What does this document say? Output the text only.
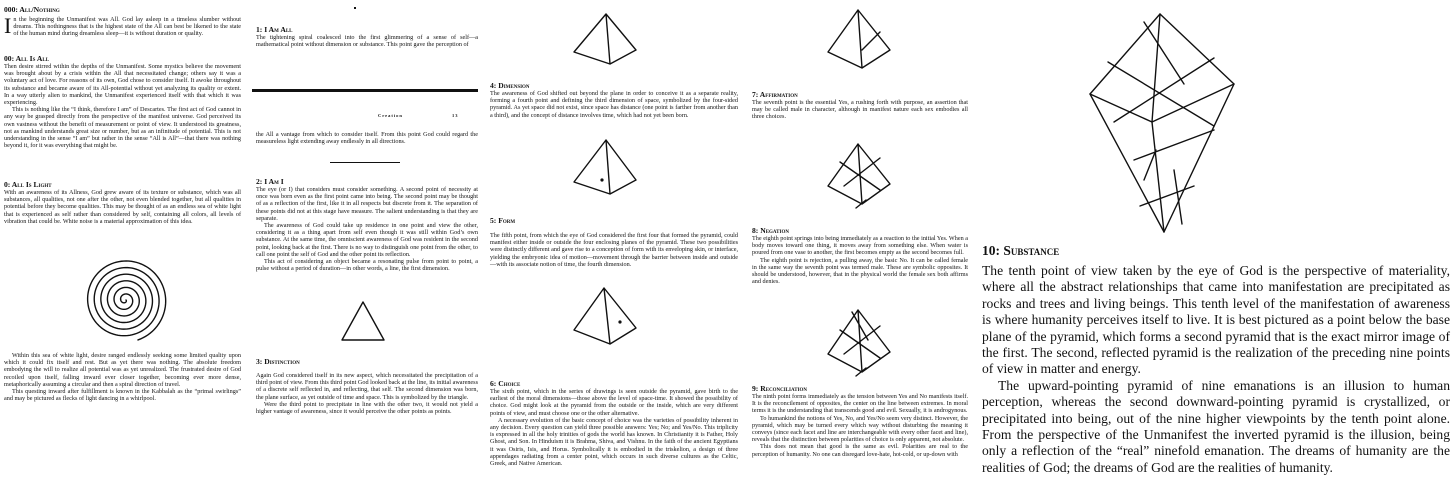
000: All/Nothing

In the beginning the Unmanifest was All. God lay asleep in a timeless slumber without dreams. This nothingness that is the highest state of the All can best be likened to the state of the human mind during dreamless sleep—it is without duration or quality.

00: All Is All

Then desire stirred within the depths of the Unmanifest. Some mystics believe the movement was brought about by a crisis within the All that necessitated change; others say it was a voluntary act of love. For reasons of its own, God chose to consider itself. It awoke throughout its substance and became aware of its All-potential without yet analyzing its quality or extent. In a way utterly alien to mankind, the Unmanifest experienced itself with that which it was experiencing.

This is nothing like the “I think, therefore I am” of Descartes. The first act of God cannot in any way be grasped directly from the perspective of the manifest universe. God perceived its own vastness without the benefit of measurement or point of view. It understood its greatness, not as mankind understands great size or number, but as an infinitude of potential. This is not understanding in the sense “I am” but rather in the sense “All is All”—that there was nothing beyond it, for it was everything that might be.

0: All Is Light

With an awareness of its Allness, God grew aware of its texture or substance, which was all substances, all qualities, not one after the other, not even blended together, but all qualities in potential before they become qualities. This may be thought of as an endless sea of white light that is experienced as self rather than considered by self, containing all colors, all levels of vibration that could be. White noise is a material approximation of this idea.

Within this sea of white light, desire ranged endlessly seeking some limited quality upon which it could fix itself and rest. But as yet there was nothing. The absolute freedom embodying the will to realize all potential was as yet unrealized. The frustrated desire of God recoiled upon itself, falling inward ever closer together, becoming ever more dense, metaphorically assuming a circular and then a spiral direction of travel.

This questing inward after fulfillment is known in the Kabbalah as the “primal swirlings” and may be pictured as flecks of light dancing in a whirlpool.

1: I Am All

The tightening spiral coalesced into the first glimmering of a sense of self—a mathematical point without dimension or substance. This point gave the perception of

Creation	13

the All a vantage from which to consider itself. From this point God could regard the measureless light extending away endlessly in all directions.

2: I Am I

The eye (or I) that considers must consider something. A second point of necessity at once was born even as the first point came into being. The second point may be thought of as a reflection of the first, like it in all respects but discrete from it. The separation of these points did not at this stage have measure. The salient understanding is that they are separate.

The awareness of God could take up residence in one point and view the other, considering it as a thing apart from self even though it was still within God’s own substance. At the same time, the omniscient awareness of God was resident in the second point, looking back at the first. There is no way to distinguish one point from the other, to call one point the self of God and the other point its reflection.

This act of considering an object became a resonating pulse from point to point, a pulse without a period of duration—in other words, a line, the first dimension.

3: Distinction

Again God considered itself in its new aspect, which necessitated the precipitation of a third point of view. From this third point God looked back at the line, its initial awareness of a discrete self reflected in, and reflecting, that self. The second dimension was born, the plane surface, as yet outside of time and space. This is symbolized by the triangle.

Were the third point to precipitate in line with the other two, it would not yield a higher vantage of awareness, since it would perceive the other points as points.

4: Dimension

The awareness of God shifted out beyond the plane in order to conceive it as a separate reality, forming a fourth point and defining the third dimension of space, symbolized by the four-sided pyramid. As yet space did not exist, since space has distance (one point is farther from another than a third), and the concept of distance involves time, which had not yet been born.

5: Form

The fifth point, from which the eye of God considered the first four that formed the pyramid, could manifest either inside or outside the four enclosing planes of the pyramid. These two possibilities were distinctly different and gave rise to a conception of form with its enveloping skin, or interface, yielding the embryonic idea of motion—movement through the barrier between inside and outside—with its associate notion of time, the fourth dimension.

6: Choice

The sixth point, which in the series of drawings is seen outside the pyramid, gave birth to the earliest of the moral dimensions—those above the level of space-time. It showed the possibility of choice. God might look at the pyramid from the outside or the inside, which are very different points of view, and must choose one or the other alternative.

A necessary evolution of the basic concept of choice was the varieties of possibility inherent in any decision. Every question can yield three possible answers: Yes; No; and Yes/No. This triplicity is expressed in all the holy trinities of gods the world has known. In Christianity it is Father, Holy Ghost, and Son. In Hinduism it is Brahma, Shiva, and Vishnu. In the faith of the ancient Egyptians it was Osiris, Isis, and Horus. Symbolically it is embodied in the triskelion, a design of three appendages radiating from a center point, which occurs in such diverse cultures as the Celtic, Greek, and Native American.

7: Affirmation

The seventh point is the essential Yes, a rushing forth with purpose, an assertion that may be called male in character, although in manifest nature each sex embodies all three choices.

8: Negation

The eighth point springs into being immediately as a reaction to the initial Yes. When a body moves toward one thing, it moves away from something else. When water is poured from one vase to another, the first becomes empty as the second becomes full.

The eighth point is rejection, a pulling away, the basic No. It can be called female in the same way the seventh point was termed male. These are symbolic opposites. It should be understood, however, that in the physical world the female sex both affirms and denies.

9: Reconciliation

The ninth point forms immediately as the tension between Yes and No manifests itself. It is the reconcilement of opposites, the center on the line between extremes. In moral terms it is the understanding that transcends good and evil. Sexually, it is androgynous.

To humankind the notions of Yes, No, and Yes/No seem very distinct. However, the pyramid, which may be turned every which way without disturbing the meaning it conveys (since each facet and line are interchangeable with every other facet and line), reveals that the distinction between polarities of choice is only apparent, not absolute.

This does not mean that good is the same as evil. Polarities are real to the perception of humanity. No one can disregard love-hate, hot-cold, or up-down with

10: Substance

The tenth point of view taken by the eye of God is the perspective of materiality, where all the abstract relationships that came into manifestation are precipitated as rocks and trees and living beings. This tenth level of the manifestation of awareness is where humanity perceives itself to live. It is best pictured as a point below the base plane of the pyramid, which forms a second pyramid that is the exact mirror image of the first. The second, reflected pyramid is the realization of the preceding nine points of view in matter and energy.

The upward-pointing pyramid of nine emanations is an illusion to human perception, whereas the second downward-pointing pyramid is crystallized, or precipitated into being, out of the nine higher viewpoints by the tenth point alone. From the perspective of the Unmanifest the inverted pyramid is the illusion, being only a reflection of the “real” ninefold emanation. The dreams of humanity are the realities of God; the dreams of God are the realities of humanity.
